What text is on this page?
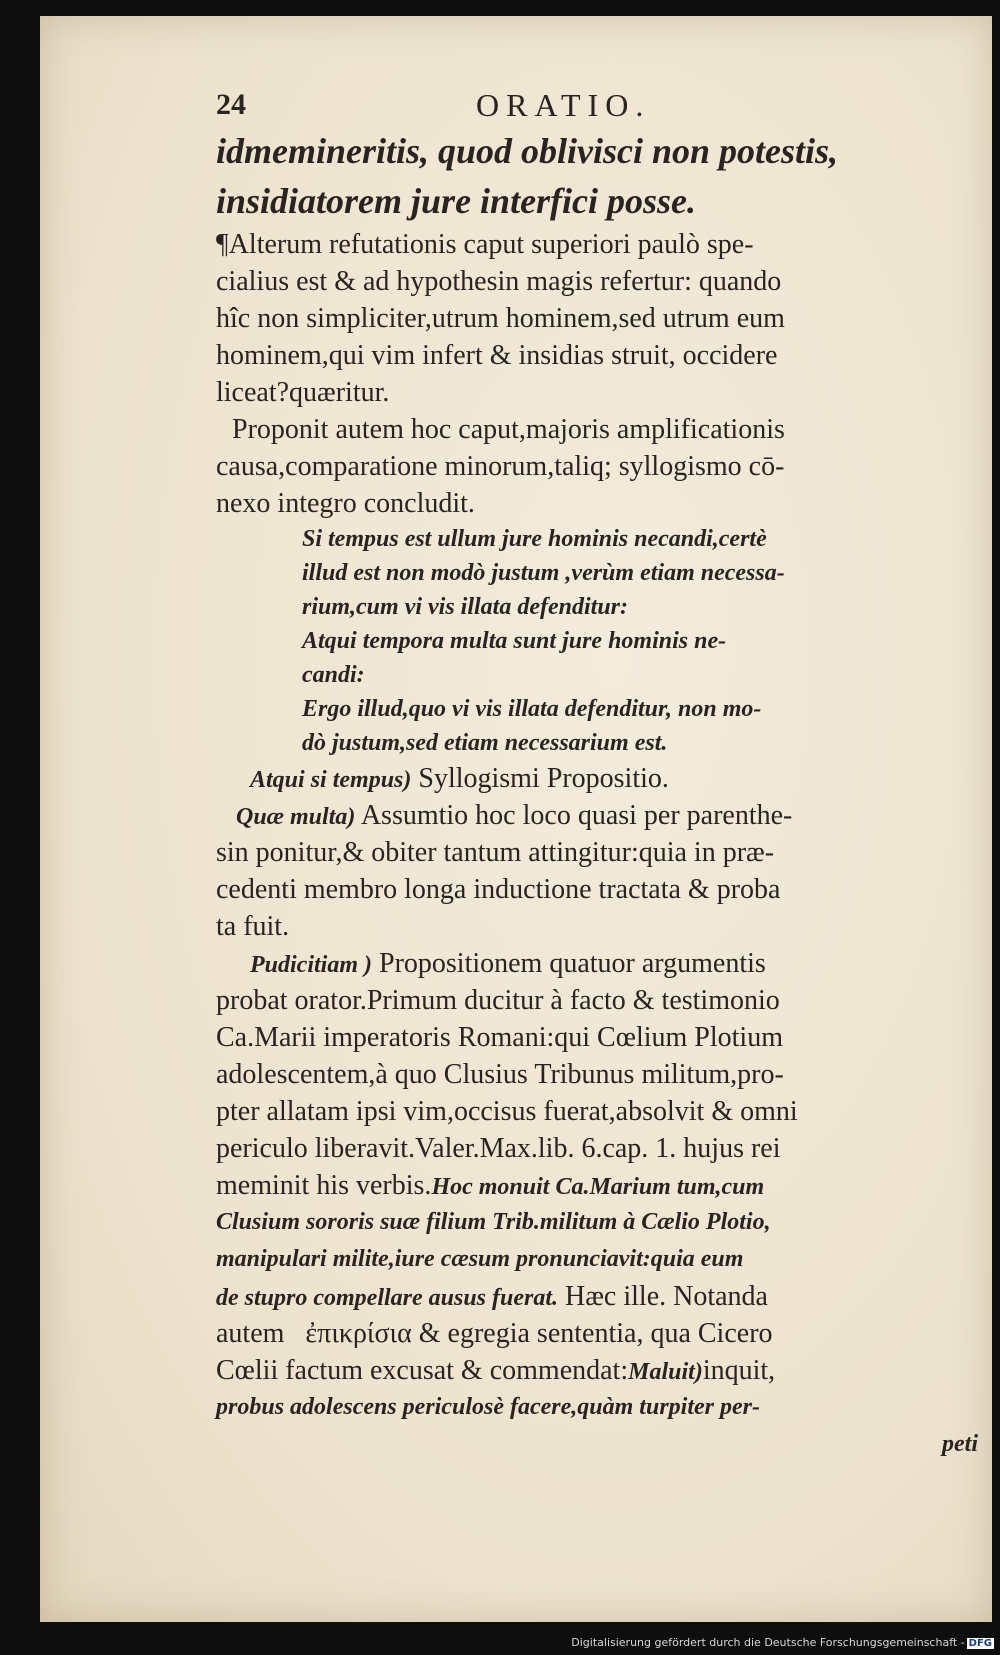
24	ORATIO.
idmemineritis, quod oblivisci non potestis,
insidiatorem jure interfici posse.
¶Alterum refutationis caput superiori paulò spe-
cialius est & ad hypothesin magis refertur: quando
hîc non simpliciter,utrum hominem,sed utrum eum
hominem,qui vim infert & insidias struit, occidere
liceat?quæritur.
Proponit autem hoc caput,majoris amplificationis
causa,comparatione minorum,taliq; syllogismo cō-
nexo integro concludit.
Si tempus est ullum jure hominis necandi,certè
illud est non modò justum ,verùm etiam necessa-
rium,cum vi vis illata defenditur:
Atqui tempora multa sunt jure hominis ne-
candi:
Ergo illud,quo vi vis illata defenditur, non mo-
dò justum,sed etiam necessarium est.
Atqui si tempus) Syllogismi Propositio.
Quæ multa) Assumtio hoc loco quasi per parenthe-
sin ponitur,& obiter tantum attingitur:quia in præ-
cedenti membro longa inductione tractata & proba
ta fuit.
Pudicitiam ) Propositionem quatuor argumentis
probat orator.Primum ducitur à facto & testimonio
Ca.Marii imperatoris Romani:qui Cœlium Plotium
adolescentem,à quo Clusius Tribunus militum,pro-
pter allatam ipsi vim,occisus fuerat,absolvit & omni
periculo liberavit.Valer.Max.lib. 6.cap. 1. hujus rei
meminit his verbis.Hoc monuit Ca.Marium tum,cum
Clusium sororis suæ filium Trib.militum à Cælio Plotio,
manipulari milite,iure cæsum pronunciavit:quia eum
de stupro compellare ausus fuerat. Hæc ille. Notanda
autem ἐπικρίσια & egregia sententia, qua Cicero
Cœlii factum excusat & commendat:Maluit)inquit,
probus adolescens periculosè facere,quàm turpiter per-
peti
Digitalisierung gefördert durch die Deutsche Forschungsgemeinschaft - DFG
